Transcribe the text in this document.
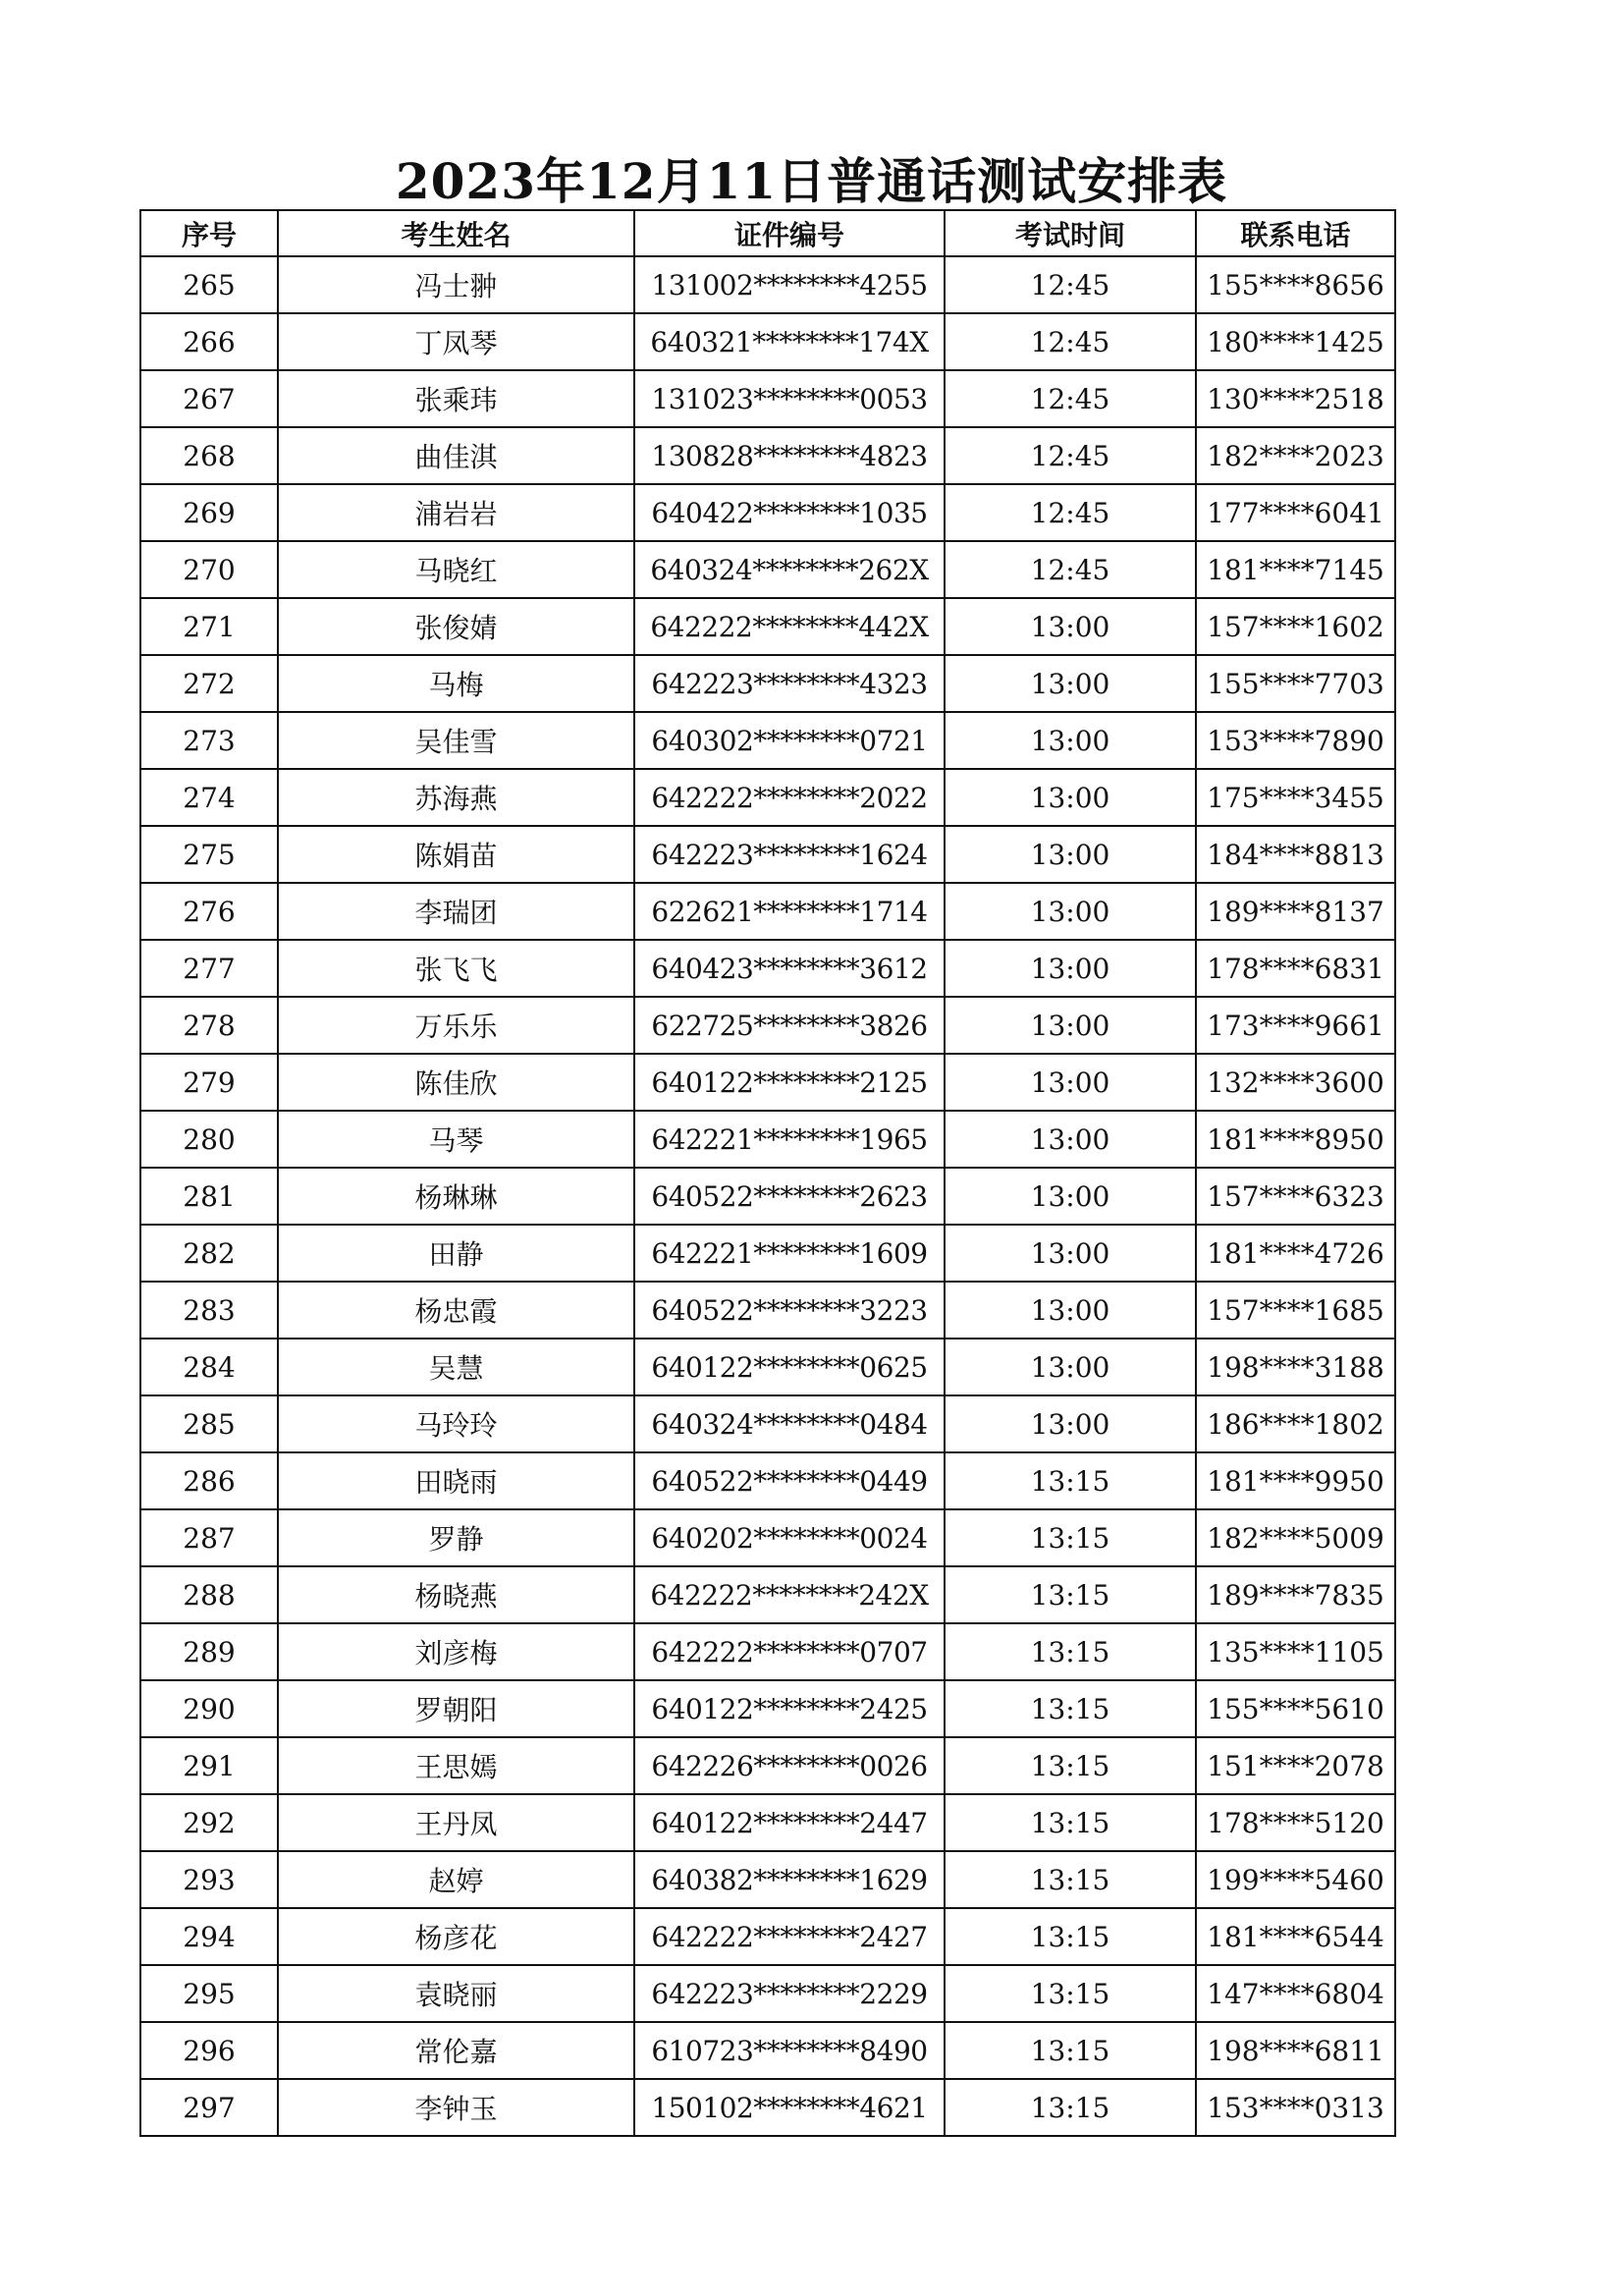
2023年12月11日普通话测试安排表
序号	考生姓名	证件编号	考试时间	联系电话
265	冯士翀	131002********4255	12:45	155****8656
266	丁凤琴	640321********174X	12:45	180****1425
267	张乘玮	131023********0053	12:45	130****2518
268	曲佳淇	130828********4823	12:45	182****2023
269	浦岩岩	640422********1035	12:45	177****6041
270	马晓红	640324********262X	12:45	181****7145
271	张俊婧	642222********442X	13:00	157****1602
272	马梅	642223********4323	13:00	155****7703
273	吴佳雪	640302********0721	13:00	153****7890
274	苏海燕	642222********2022	13:00	175****3455
275	陈娟苗	642223********1624	13:00	184****8813
276	李瑞团	622621********1714	13:00	189****8137
277	张飞飞	640423********3612	13:00	178****6831
278	万乐乐	622725********3826	13:00	173****9661
279	陈佳欣	640122********2125	13:00	132****3600
280	马琴	642221********1965	13:00	181****8950
281	杨琳琳	640522********2623	13:00	157****6323
282	田静	642221********1609	13:00	181****4726
283	杨忠霞	640522********3223	13:00	157****1685
284	吴慧	640122********0625	13:00	198****3188
285	马玲玲	640324********0484	13:00	186****1802
286	田晓雨	640522********0449	13:15	181****9950
287	罗静	640202********0024	13:15	182****5009
288	杨晓燕	642222********242X	13:15	189****7835
289	刘彦梅	642222********0707	13:15	135****1105
290	罗朝阳	640122********2425	13:15	155****5610
291	王思嫣	642226********0026	13:15	151****2078
292	王丹凤	640122********2447	13:15	178****5120
293	赵婷	640382********1629	13:15	199****5460
294	杨彦花	642222********2427	13:15	181****6544
295	袁晓丽	642223********2229	13:15	147****6804
296	常伦嘉	610723********8490	13:15	198****6811
297	李钟玉	150102********4621	13:15	153****0313
